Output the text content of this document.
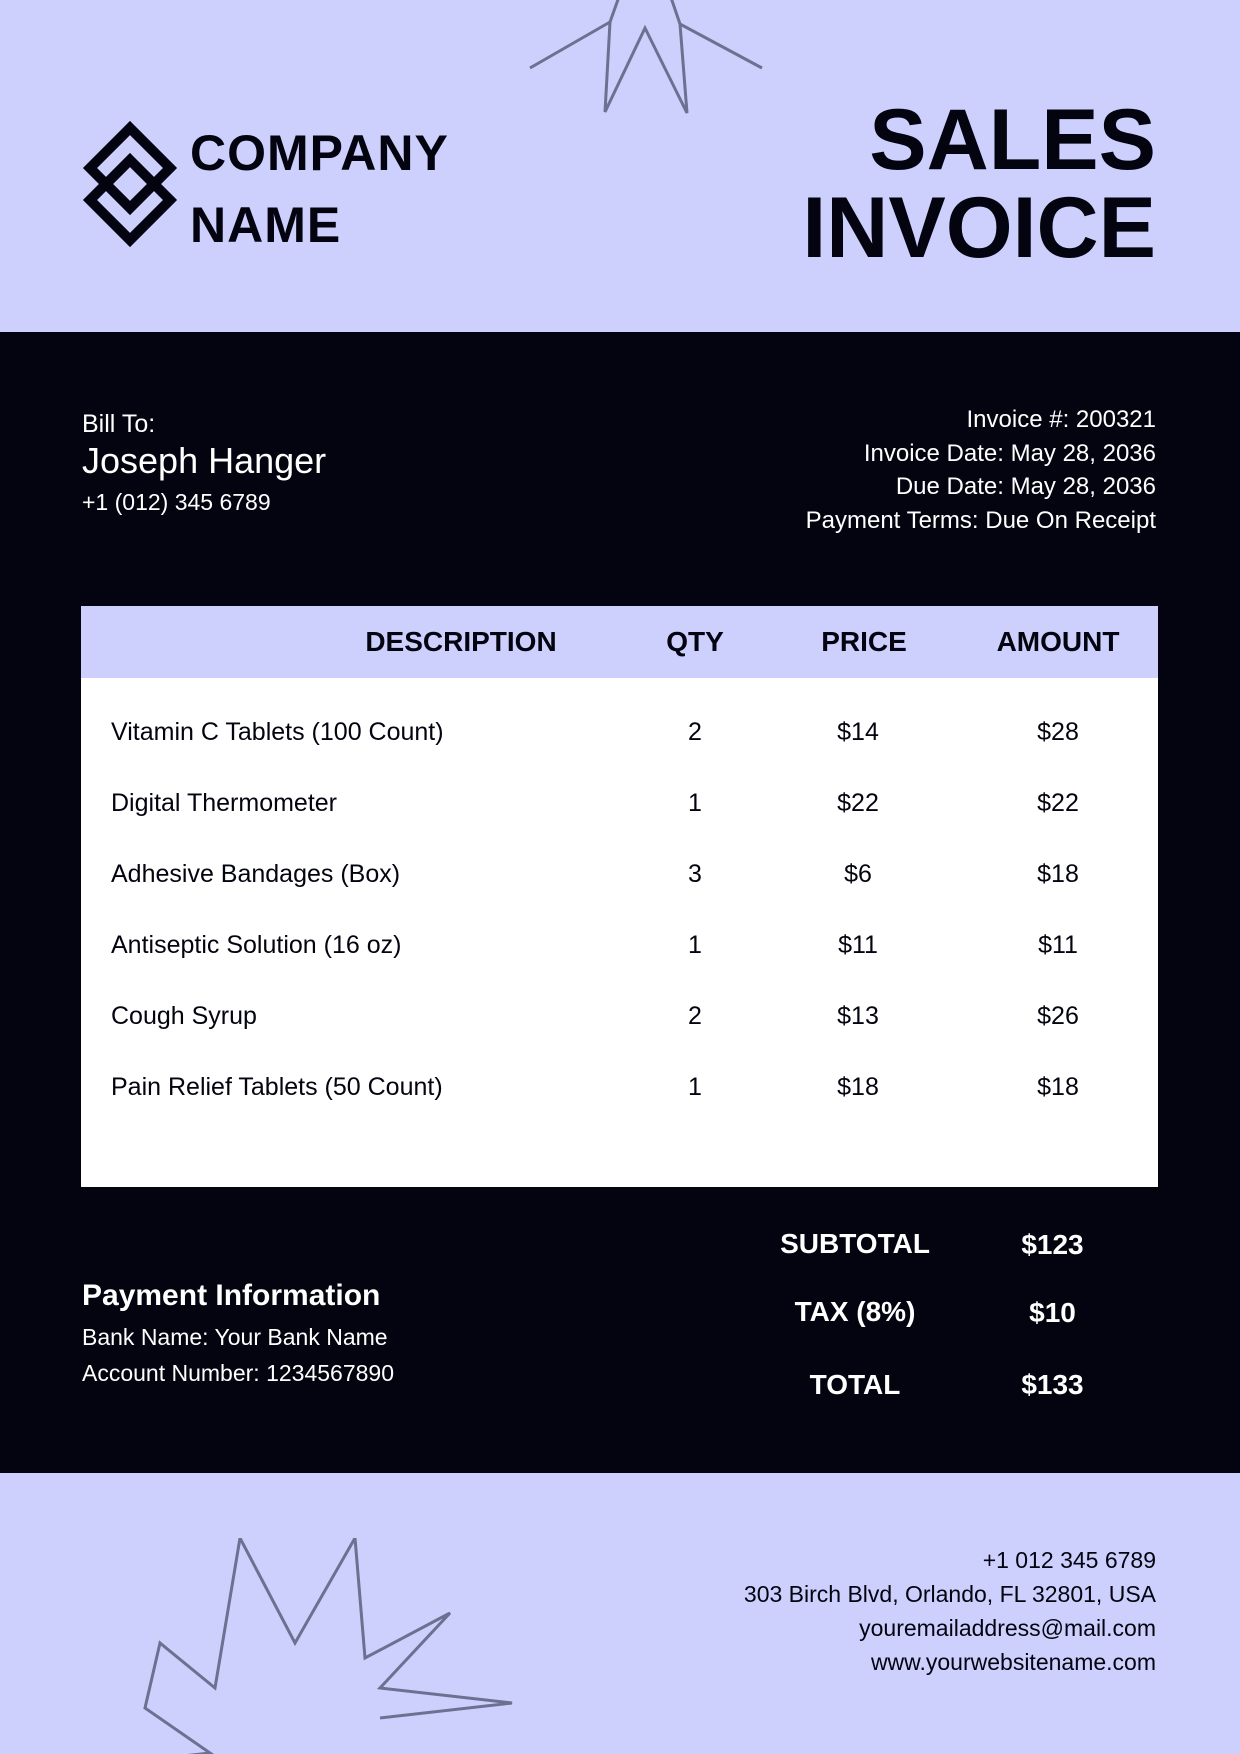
COMPANY
NAME
SALES
INVOICE
Bill To:
Joseph Hanger
+1 (012) 345 6789
Invoice #: 200321
Invoice Date: May 28, 2036
Due Date: May 28, 2036
Payment Terms: Due On Receipt
DESCRIPTION	QTY	PRICE	AMOUNT
Vitamin C Tablets (100 Count)	2	$14	$28
Digital Thermometer	1	$22	$22
Adhesive Bandages (Box)	3	$6	$18
Antiseptic Solution (16 oz)	1	$11	$11
Cough Syrup	2	$13	$26
Pain Relief Tablets (50 Count)	1	$18	$18
Payment Information
Bank Name: Your Bank Name
Account Number: 1234567890
SUBTOTAL	$123
TAX (8%)	$10
TOTAL	$133
+1 012 345 6789
303 Birch Blvd, Orlando, FL 32801, USA
youremailaddress@mail.com
www.yourwebsitename.com
